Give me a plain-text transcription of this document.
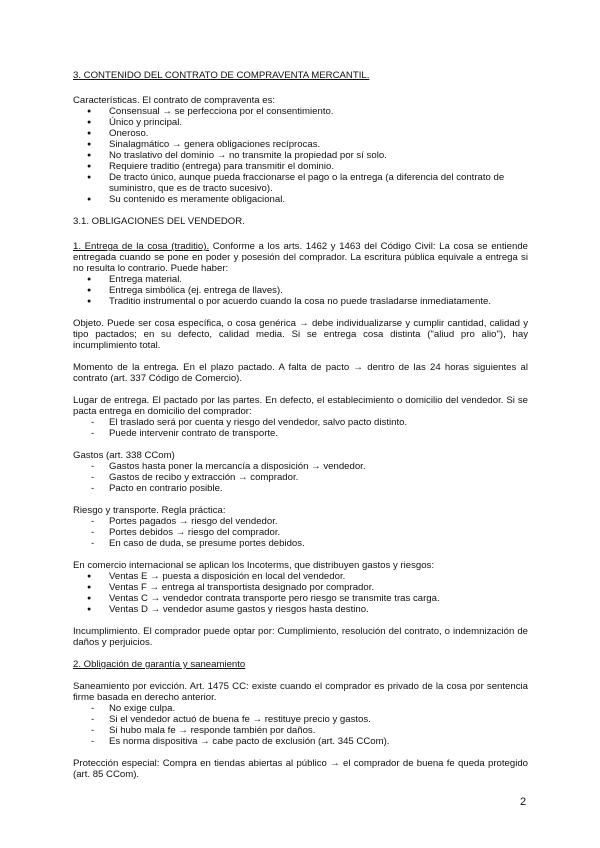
3. CONTENIDO DEL CONTRATO DE COMPRAVENTA MERCANTIL.

Características. El contrato de compraventa es:

● Consensual → se perfecciona por el consentimiento.
● Único y principal.
● Oneroso.
● Sinalagmático → genera obligaciones recíprocas.
● No traslativo del dominio → no transmite la propiedad por sí solo.
● Requiere traditio (entrega) para transmitir el dominio.
● De tracto único, aunque pueda fraccionarse el pago o la entrega (a diferencia del contrato de suministro, que es de tracto sucesivo).
● Su contenido es meramente obligacional.
3.1. OBLIGACIONES DEL VENDEDOR.

1. Entrega de la cosa (traditio). Conforme a los arts. 1462 y 1463 del Código Civil: La cosa se entiende entregada cuando se pone en poder y posesión del comprador. La escritura pública equivale a entrega si no resulta lo contrario. Puede haber:

● Entrega material.
● Entrega simbólica (ej. entrega de llaves).
● Traditio instrumental o por acuerdo cuando la cosa no puede trasladarse inmediatamente.

Objeto. Puede ser cosa específica, o cosa genérica → debe individualizarse y cumplir cantidad, calidad y tipo pactados; en su defecto, calidad media. Si se entrega cosa distinta ("aliud pro alio"), hay incumplimiento total.

Momento de la entrega. En el plazo pactado. A falta de pacto → dentro de las 24 horas siguientes al contrato (art. 337 Código de Comercio).

Lugar de entrega. El pactado por las partes. En defecto, el establecimiento o domicilio del vendedor. Si se pacta entrega en domicilio del comprador:

- El traslado será por cuenta y riesgo del vendedor, salvo pacto distinto.
- Puede intervenir contrato de transporte.

Gastos (art. 338 CCom)

- Gastos hasta poner la mercancía a disposición → vendedor.
- Gastos de recibo y extracción → comprador.
- Pacto en contrario posible.

Riesgo y transporte. Regla práctica:

- Portes pagados → riesgo del vendedor.
- Portes debidos → riesgo del comprador.
- En caso de duda, se presume portes debidos.

En comercio internacional se aplican los Incoterms, que distribuyen gastos y riesgos:

● Ventas E → puesta a disposición en local del vendedor.
● Ventas F → entrega al transportista designado por comprador.
● Ventas C → vendedor contrata transporte pero riesgo se transmite tras carga.
● Ventas D → vendedor asume gastos y riesgos hasta destino.

Incumplimiento. El comprador puede optar por: Cumplimiento, resolución del contrato, o indemnización de daños y perjuicios.

2. Obligación de garantía y saneamiento

Saneamiento por evicción. Art. 1475 CC: existe cuando el comprador es privado de la cosa por sentencia firme basada en derecho anterior.

- No exige culpa.
- Si el vendedor actuó de buena fe → restituye precio y gastos.
- Si hubo mala fe → responde también por daños.
- Es norma dispositiva → cabe pacto de exclusión (art. 345 CCom).

Protección especial: Compra en tiendas abiertas al público → el comprador de buena fe queda protegido (art. 85 CCom).

2
